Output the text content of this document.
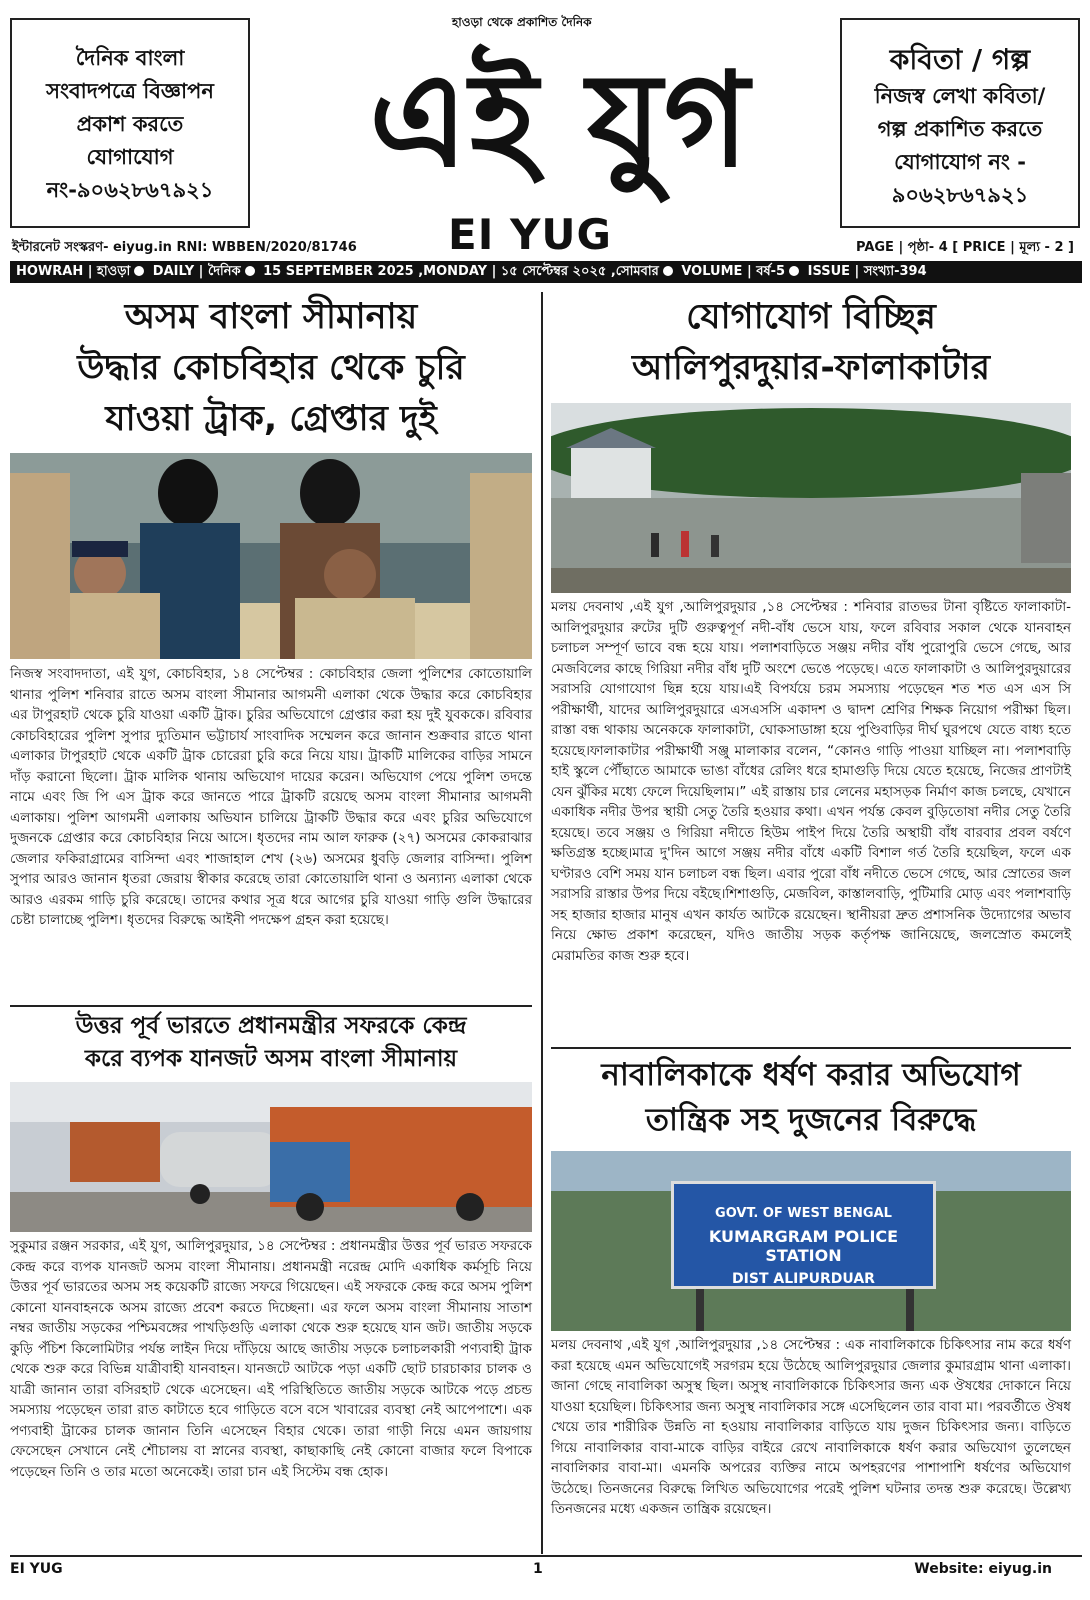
দৈনিক বাংলা
সংবাদপত্রে বিজ্ঞাপন
প্রকাশ করতে
যোগাযোগ
নং-৯০৬২৮৬৭৯২১
হাওড়া থেকে প্রকাশিত দৈনিক
এই যুগ
EI YUG
কবিতা / গল্প
নিজস্ব লেখা কবিতা/
গল্প প্রকাশিত করতে
যোগাযোগ নং -
৯০৬২৮৬৭৯২১
ইন্টারনেট সংস্করণ- eiyug.in RNI: WBBEN/2020/81746	PAGE | পৃষ্ঠা- 4 [ PRICE | মূল্য - 2 ]
HOWRAH | হাওড়া DAILY | দৈনিক 15 SEPTEMBER 2025 ,MONDAY | ১৫ সেপ্টেম্বর ২০২৫ ,সোমবার VOLUME | বর্ষ-5 ISSUE | সংখ্যা-394
অসম বাংলা সীমানায়
উদ্ধার কোচবিহার থেকে চুরি
যাওয়া ট্রাক, গ্রেপ্তার দুই
নিজস্ব সংবাদদাতা, এই যুগ, কোচবিহার, ১৪ সেপ্টেম্বর : কোচবিহার জেলা পুলিশের কোতোয়ালি থানার পুলিশ শনিবার রাতে অসম বাংলা সীমানার আগমনী এলাকা থেকে উদ্ধার করে কোচবিহার এর টাপুরহাট থেকে চুরি যাওয়া একটি ট্রাক। চুরির অভিযোগে গ্রেপ্তার করা হয় দুই যুবককে। রবিবার কোচবিহারের পুলিশ সুপার দ্যুতিমান ভট্টাচার্য সাংবাদিক সম্মেলন করে জানান শুক্রবার রাতে থানা এলাকার টাপুরহাট থেকে একটি ট্রাক চোরেরা চুরি করে নিয়ে যায়। ট্রাকটি মালিকের বাড়ির সামনে দাঁড় করানো ছিলো। ট্রাক মালিক থানায় অভিযোগ দায়ের করেন। অভিযোগ পেয়ে পুলিশ তদন্তে নামে এবং জি পি এস ট্রাক করে জানতে পারে ট্রাকটি রয়েছে অসম বাংলা সীমানার আগমনী এলাকায়। পুলিশ আগমনী এলাকায় অভিযান চালিয়ে ট্রাকটি উদ্ধার করে এবং চুরির অভিযোগে দুজনকে গ্রেপ্তার করে কোচবিহার নিয়ে আসে। ধৃতদের নাম আল ফারুক (২৭) অসমের কোকরাঝার জেলার ফকিরাগ্রামের বাসিন্দা এবং শাজাহাল শেখ (২৬) অসমের ধুবড়ি জেলার বাসিন্দা। পুলিশ সুপার আরও জানান ধৃতরা জেরায় স্বীকার করেছে তারা কোতোয়ালি থানা ও অন্যান্য এলাকা থেকে আরও এরকম গাড়ি চুরি করেছে। তাদের কথার সূত্র ধরে আগের চুরি যাওয়া গাড়ি গুলি উদ্ধারের চেষ্টা চালাচ্ছে পুলিশ। ধৃতদের বিরুদ্ধে আইনী পদক্ষেপ গ্রহন করা হয়েছে।
উত্তর পূর্ব ভারতে প্রধানমন্ত্রীর সফরকে কেন্দ্র
করে ব্যপক যানজট অসম বাংলা সীমানায়
সুকুমার রঞ্জন সরকার, এই যুগ, আলিপুরদুয়ার, ১৪ সেপ্টেম্বর : প্রধানমন্ত্রীর উত্তর পূর্ব ভারত সফরকে কেন্দ্র করে ব্যপক যানজট অসম বাংলা সীমানায়। প্রধানমন্ত্রী নরেন্দ্র মোদি একাধিক কর্মসূচি নিয়ে উত্তর পূর্ব ভারতের অসম সহ কয়েকটি রাজ্যে সফরে গিয়েছেন। এই সফরকে কেন্দ্র করে অসম পুলিশ কোনো যানবাহনকে অসম রাজ্যে প্রবেশ করতে দিচ্ছেনা। এর ফলে অসম বাংলা সীমানায় সাতাশ নম্বর জাতীয় সড়কের পশ্চিমবঙ্গের পাখড়িগুড়ি এলাকা থেকে শুরু হয়েছে যান জট। জাতীয় সড়কে কুড়ি পঁচিশ কিলোমিটার পর্যন্ত লাইন দিয়ে দাঁড়িয়ে আছে জাতীয় সড়কে চলাচলকারী পণ্যবাহী ট্রাক থেকে শুরু করে বিভিন্ন যাত্রীবাহী যানবাহন। যানজটে আটকে পড়া একটি ছোট চারচাকার চালক ও যাত্রী জানান তারা বসিরহাট থেকে এসেছেন। এই পরিস্থিতিতে জাতীয় সড়কে আটকে পড়ে প্রচন্ড সমস্যায় পড়েছেন তারা রাত কাটাতে হবে গাড়িতে বসে বসে খাবারের ব্যবস্থা নেই আপেপাশে। এক পণ্যবাহী ট্রাকের চালক জানান তিনি এসেছেন বিহার থেকে। তারা গাড়ী নিয়ে এমন জায়গায় ফেসেছেন সেখানে নেই শৌচালয় বা স্নানের ব্যবস্থা, কাছাকাছি নেই কোনো বাজার ফলে বিপাকে পড়েছেন তিনি ও তার মতো অনেকেই। তারা চান এই সিস্টেম বন্ধ হোক।
যোগাযোগ বিচ্ছিন্ন
আলিপুরদুয়ার-ফালাকাটার
মলয় দেবনাথ ,এই যুগ ,আলিপুরদুয়ার ,১৪ সেপ্টেম্বর : শনিবার রাতভর টানা বৃষ্টিতে ফালাকাটা-আলিপুরদুয়ার রুটের দুটি গুরুত্বপূর্ণ নদী-বাঁধ ভেসে যায়, ফলে রবিবার সকাল থেকে যানবাহন চলাচল সম্পূর্ণ ভাবে বন্ধ হয়ে যায়। পলাশবাড়িতে সঞ্জয় নদীর বাঁধ পুরোপুরি ভেসে গেছে, আর মেজবিলের কাছে গিরিয়া নদীর বাঁধ দুটি অংশে ভেঙে পড়েছে। এতে ফালাকাটা ও আলিপুরদুয়ারের সরাসরি যোগাযোগ ছিন্ন হয়ে যায়।এই বিপর্যয়ে চরম সমস্যায় পড়েছেন শত শত এস এস সি পরীক্ষার্থী, যাদের আলিপুরদুয়ারে এসএসসি একাদশ ও দ্বাদশ শ্রেণির শিক্ষক নিয়োগ পরীক্ষা ছিল। রাস্তা বন্ধ থাকায় অনেককে ফালাকাটা, ঘোকসাডাঙ্গা হয়ে পুণ্ডিবাড়ির দীর্ঘ ঘুরপথে যেতে বাধ্য হতে হয়েছে।ফালাকাটার পরীক্ষার্থী সঞ্জু মালাকার বলেন, “কোনও গাড়ি পাওয়া যাচ্ছিল না। পলাশবাড়ি হাই স্কুলে পৌঁছাতে আমাকে ভাঙা বাঁধের রেলিং ধরে হামাগুড়ি দিয়ে যেতে হয়েছে, নিজের প্রাণটাই যেন ঝুঁকির মধ্যে ফেলে দিয়েছিলাম।” এই রাস্তায় চার লেনের মহাসড়ক নির্মাণ কাজ চলছে, যেখানে একাধিক নদীর উপর স্থায়ী সেতু তৈরি হওয়ার কথা। এখন পর্যন্ত কেবল বুড়িতোষা নদীর সেতু তৈরি হয়েছে। তবে সঞ্জয় ও গিরিয়া নদীতে হিউম পাইপ দিয়ে তৈরি অস্থায়ী বাঁধ বারবার প্রবল বর্ষণে ক্ষতিগ্রস্ত হচ্ছে।মাত্র দু'দিন আগে সঞ্জয় নদীর বাঁধে একটি বিশাল গর্ত তৈরি হয়েছিল, ফলে এক ঘণ্টারও বেশি সময় যান চলাচল বন্ধ ছিল। এবার পুরো বাঁধ নদীতে ভেসে গেছে, আর স্রোতের জল সরাসরি রাস্তার উপর দিয়ে বইছে।শিশাগুড়ি, মেজবিল, কাস্তালবাড়ি, পুটিমারি মোড় এবং পলাশবাড়ি সহ হাজার হাজার মানুষ এখন কার্যত আটকে রয়েছেন। স্থানীয়রা দ্রুত প্রশাসনিক উদ্যোগের অভাব নিয়ে ক্ষোভ প্রকাশ করেছেন, যদিও জাতীয় সড়ক কর্তৃপক্ষ জানিয়েছে, জলস্রোত কমলেই মেরামতির কাজ শুরু হবে।
নাবালিকাকে ধর্ষণ করার অভিযোগ
তান্ত্রিক সহ দুজনের বিরুদ্ধে
GOVT. OF WEST BENGAL
KUMARGRAM POLICE STATION
DIST ALIPURDUAR
মলয় দেবনাথ ,এই যুগ ,আলিপুরদুয়ার ,১৪ সেপ্টেম্বর : এক নাবালিকাকে চিকিৎসার নাম করে ধর্ষণ করা হয়েছে এমন অভিযোগেই সরগরম হয়ে উঠেছে আলিপুরদুয়ার জেলার কুমারগ্রাম থানা এলাকা। জানা গেছে নাবালিকা অসুস্থ ছিল। অসুস্থ নাবালিকাকে চিকিৎসার জন্য এক ঔষধের দোকানে নিয়ে যাওয়া হয়েছিল। চিকিৎসার জন্য অসুস্থ নাবালিকার সঙ্গে এসেছিলেন তার বাবা মা। পরবর্তীতে ঔষধ খেয়ে তার শারীরিক উন্নতি না হওয়ায় নাবালিকার বাড়িতে যায় দুজন চিকিৎসার জন্য। বাড়িতে গিয়ে নাবালিকার বাবা-মাকে বাড়ির বাইরে রেখে নাবালিকাকে ধর্ষণ করার অভিযোগ তুলেছেন নাবালিকার বাবা-মা। এমনকি অপরের ব্যক্তির নামে অপহরণের পাশাপাশি ধর্ষণের অভিযোগ উঠেছে। তিনজনের বিরুদ্ধে লিখিত অভিযোগের পরেই পুলিশ ঘটনার তদন্ত শুরু করেছে। উল্লেখ্য তিনজনের মধ্যে একজন তান্ত্রিক রয়েছেন।
EI YUG	1	Website: eiyug.in
